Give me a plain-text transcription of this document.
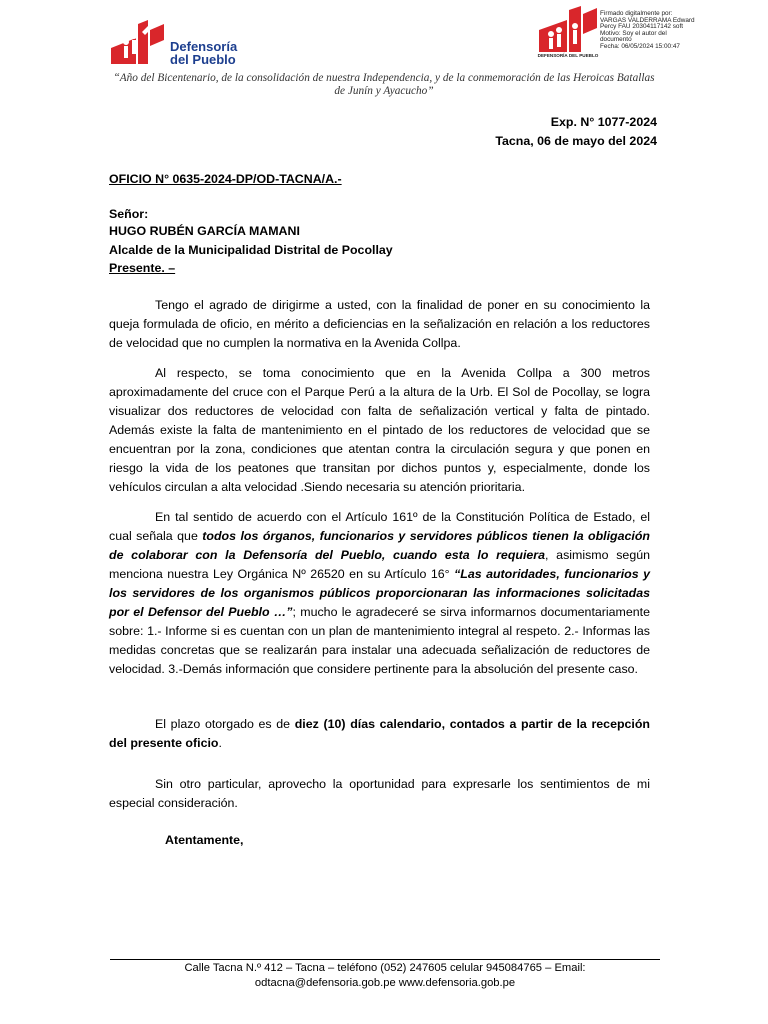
Defensoría
del Pueblo	DEFENSORÍA DEL PUEBLO
Firmado digitalmente por:
VARGAS VALDERRAMA Edward
Percy FAU 20304117142 soft
Motivo: Soy el autor del
documento
Fecha: 06/05/2024 15:00:47
“Año del Bicentenario, de la consolidación de nuestra Independencia, y de la conmemoración de las Heroicas Batallas de Junín y Ayacucho”
Exp. N° 1077-2024
Tacna, 06 de mayo del 2024
OFICIO N° 0635-2024-DP/OD-TACNA/A.-
Señor:
HUGO RUBÉN GARCÍA MAMANI
Alcalde de la Municipalidad Distrital de Pocollay
Presente. –
Tengo el agrado de dirigirme a usted, con la finalidad de poner en su conocimiento la queja formulada de oficio, en mérito a deficiencias en la señalización en relación a los reductores de velocidad que no cumplen la normativa en la Avenida Collpa.
Al respecto, se toma conocimiento que en la Avenida Collpa a 300 metros aproximadamente del cruce con el Parque Perú a la altura de la Urb. El Sol de Pocollay, se logra visualizar dos reductores de velocidad con falta de señalización vertical y falta de pintado. Además existe la falta de mantenimiento en el pintado de los reductores de velocidad que se encuentran por la zona, condiciones que atentan contra la circulación segura y que ponen en riesgo la vida de los peatones que transitan por dichos puntos y, especialmente, donde los vehículos circulan a alta velocidad .Siendo necesaria su atención prioritaria.
En tal sentido de acuerdo con el Artículo 161º de la Constitución Política de Estado, el cual señala que todos los órganos, funcionarios y servidores públicos tienen la obligación de colaborar con la Defensoría del Pueblo, cuando esta lo requiera, asimismo según menciona nuestra Ley Orgánica Nº 26520 en su Artículo 16° “Las autoridades, funcionarios y los servidores de los organismos públicos proporcionaran las informaciones solicitadas por el Defensor del Pueblo …”; mucho le agradeceré se sirva informarnos documentariamente sobre: 1.- Informe si es cuentan con un plan de mantenimiento integral al respeto. 2.- Informas las medidas concretas que se realizarán para instalar una adecuada señalización de reductores de velocidad. 3.-Demás información que considere pertinente para la absolución del presente caso.
El plazo otorgado es de diez (10) días calendario, contados a partir de la recepción del presente oficio.
Sin otro particular, aprovecho la oportunidad para expresarle los sentimientos de mi especial consideración.
Atentamente,
Calle Tacna N.º 412 – Tacna – teléfono (052) 247605 celular 945084765 – Email:
odtacna@defensoria.gob.pe www.defensoria.gob.pe
